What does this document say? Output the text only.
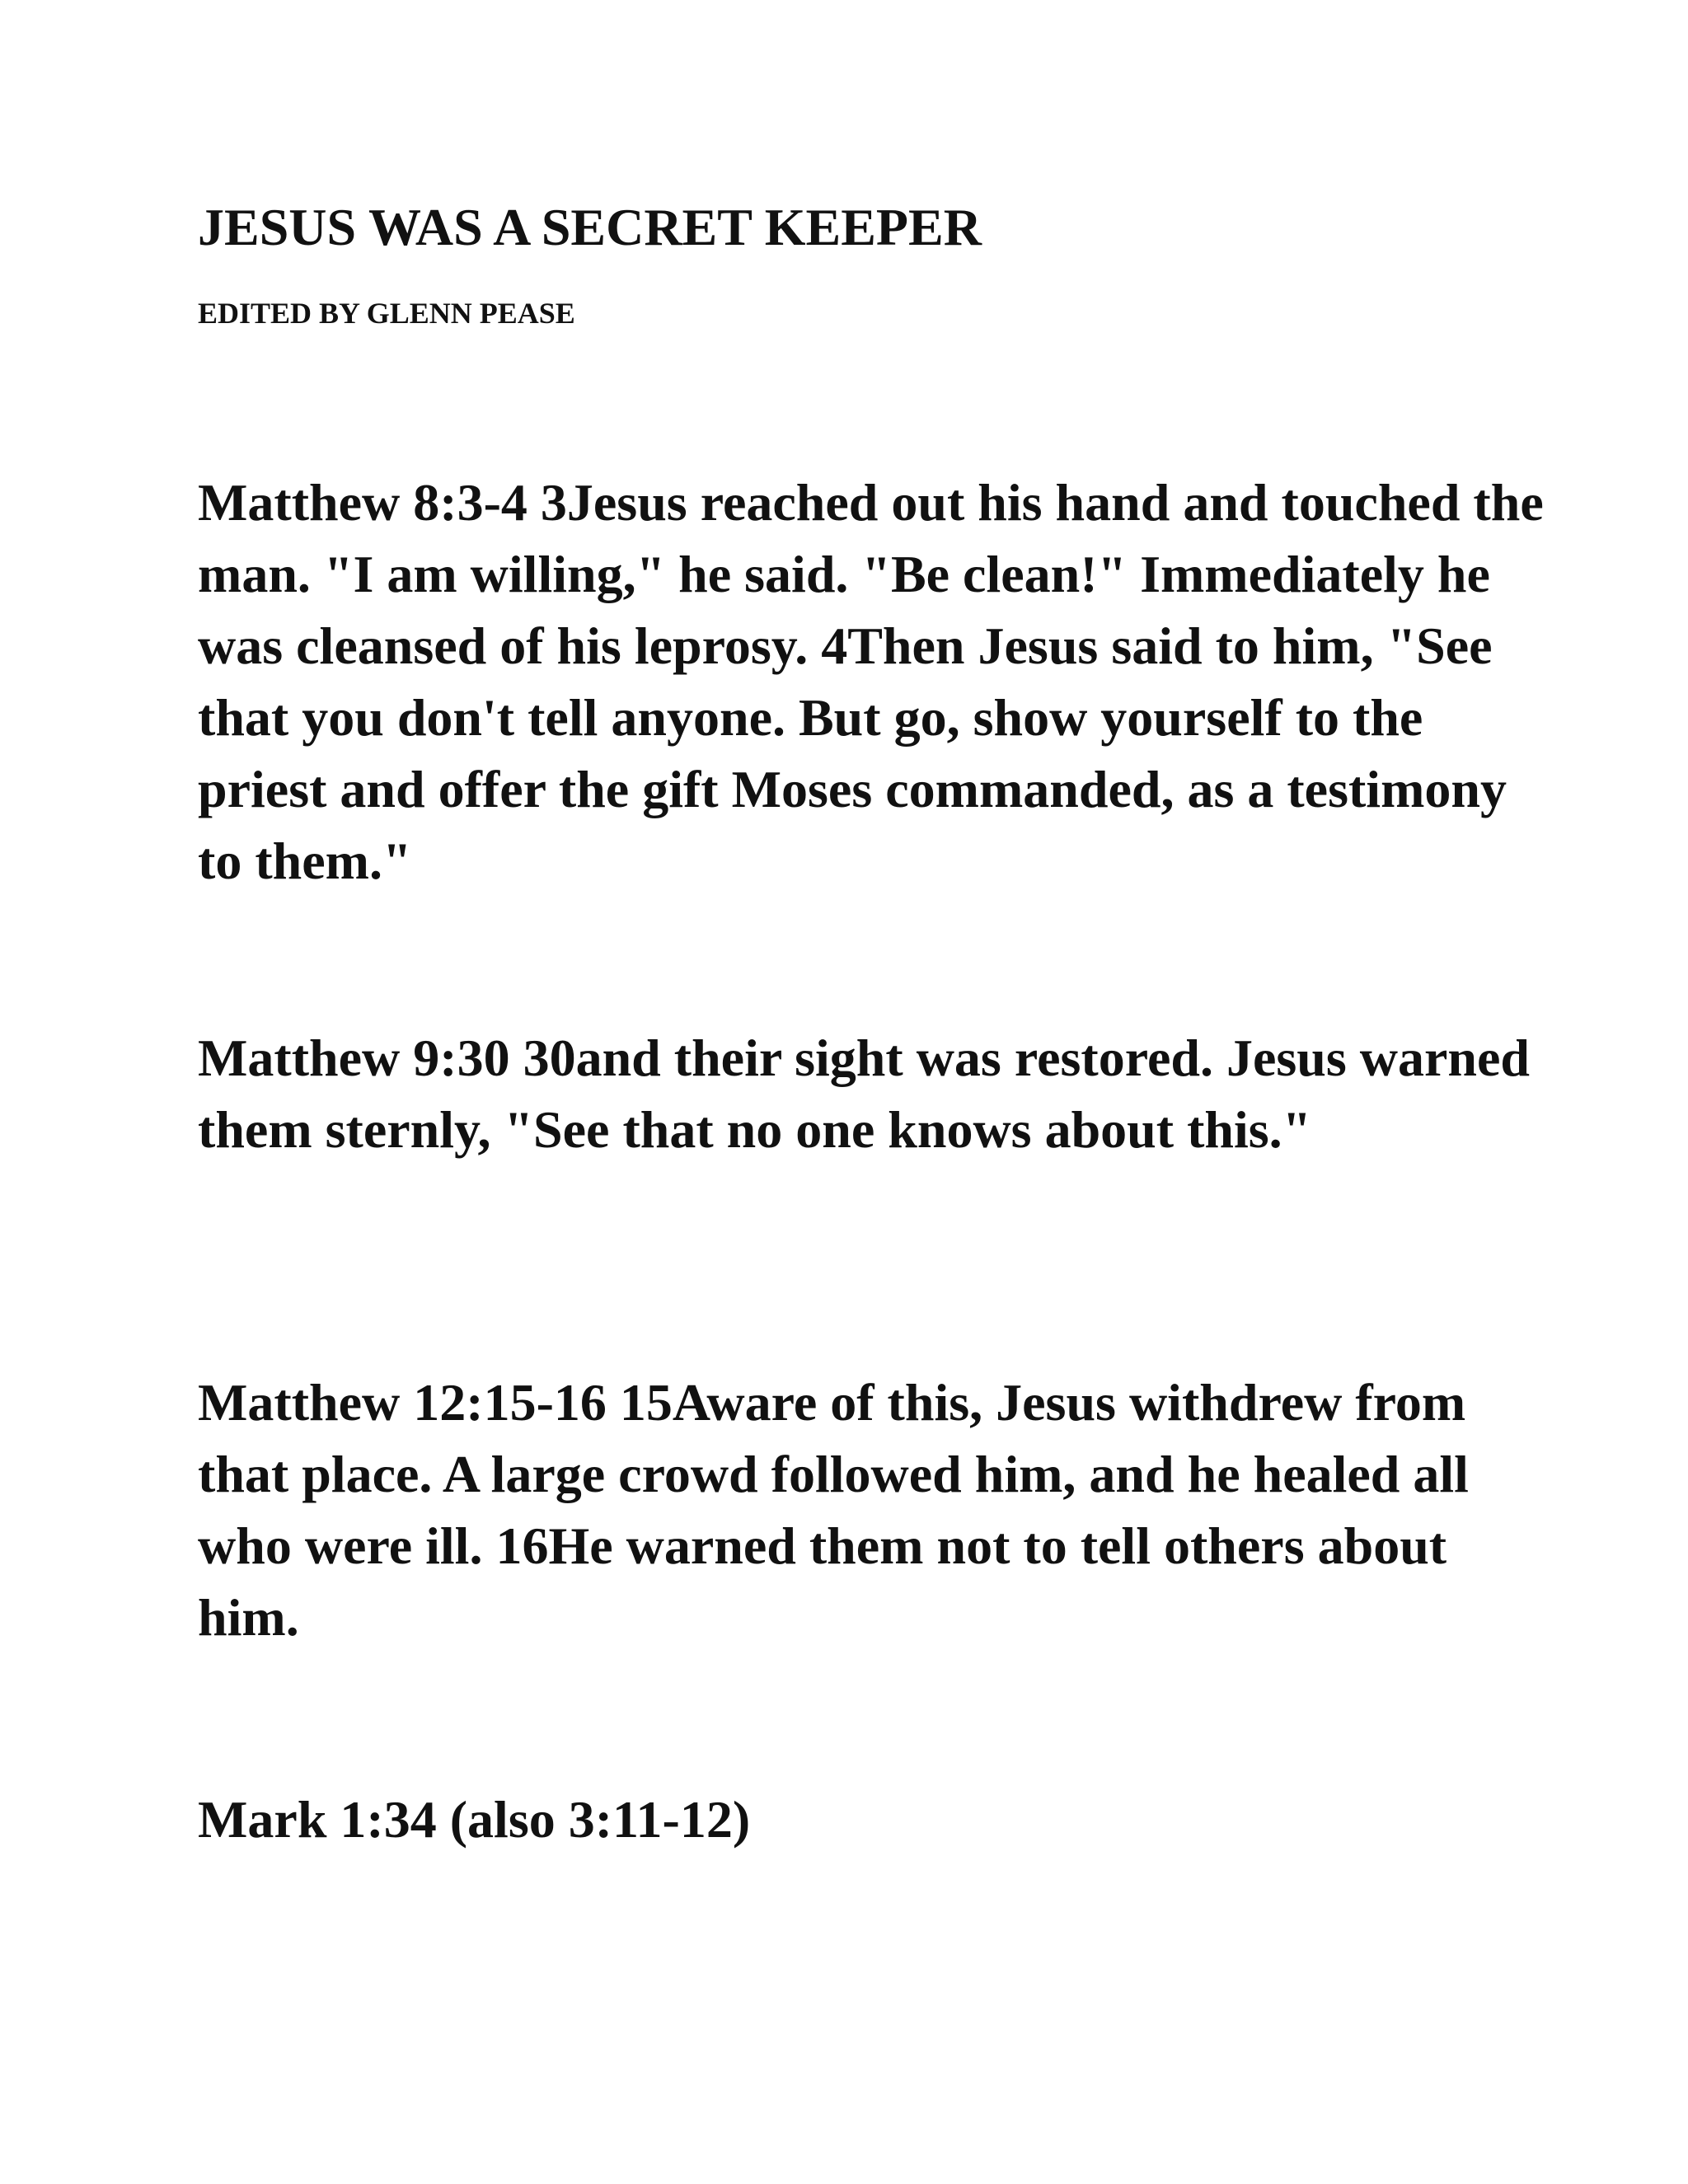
JESUS WAS A SECRET KEEPER
EDITED BY GLENN PEASE

Matthew 8:3-4 3Jesus reached out his hand and touched the man. "I am willing," he said. "Be clean!" Immediately he was cleansed of his leprosy. 4Then Jesus said to him, "See that you don't tell anyone. But go, show yourself to the priest and offer the gift Moses commanded, as a testimony to them."

Matthew 9:30 30and their sight was restored. Jesus warned them sternly, "See that no one knows about this."

Matthew 12:15-16 15Aware of this, Jesus withdrew from that place. A large crowd followed him, and he healed all who were ill. 16He warned them not to tell others about him.

Mark 1:34 (also 3:11-12)
